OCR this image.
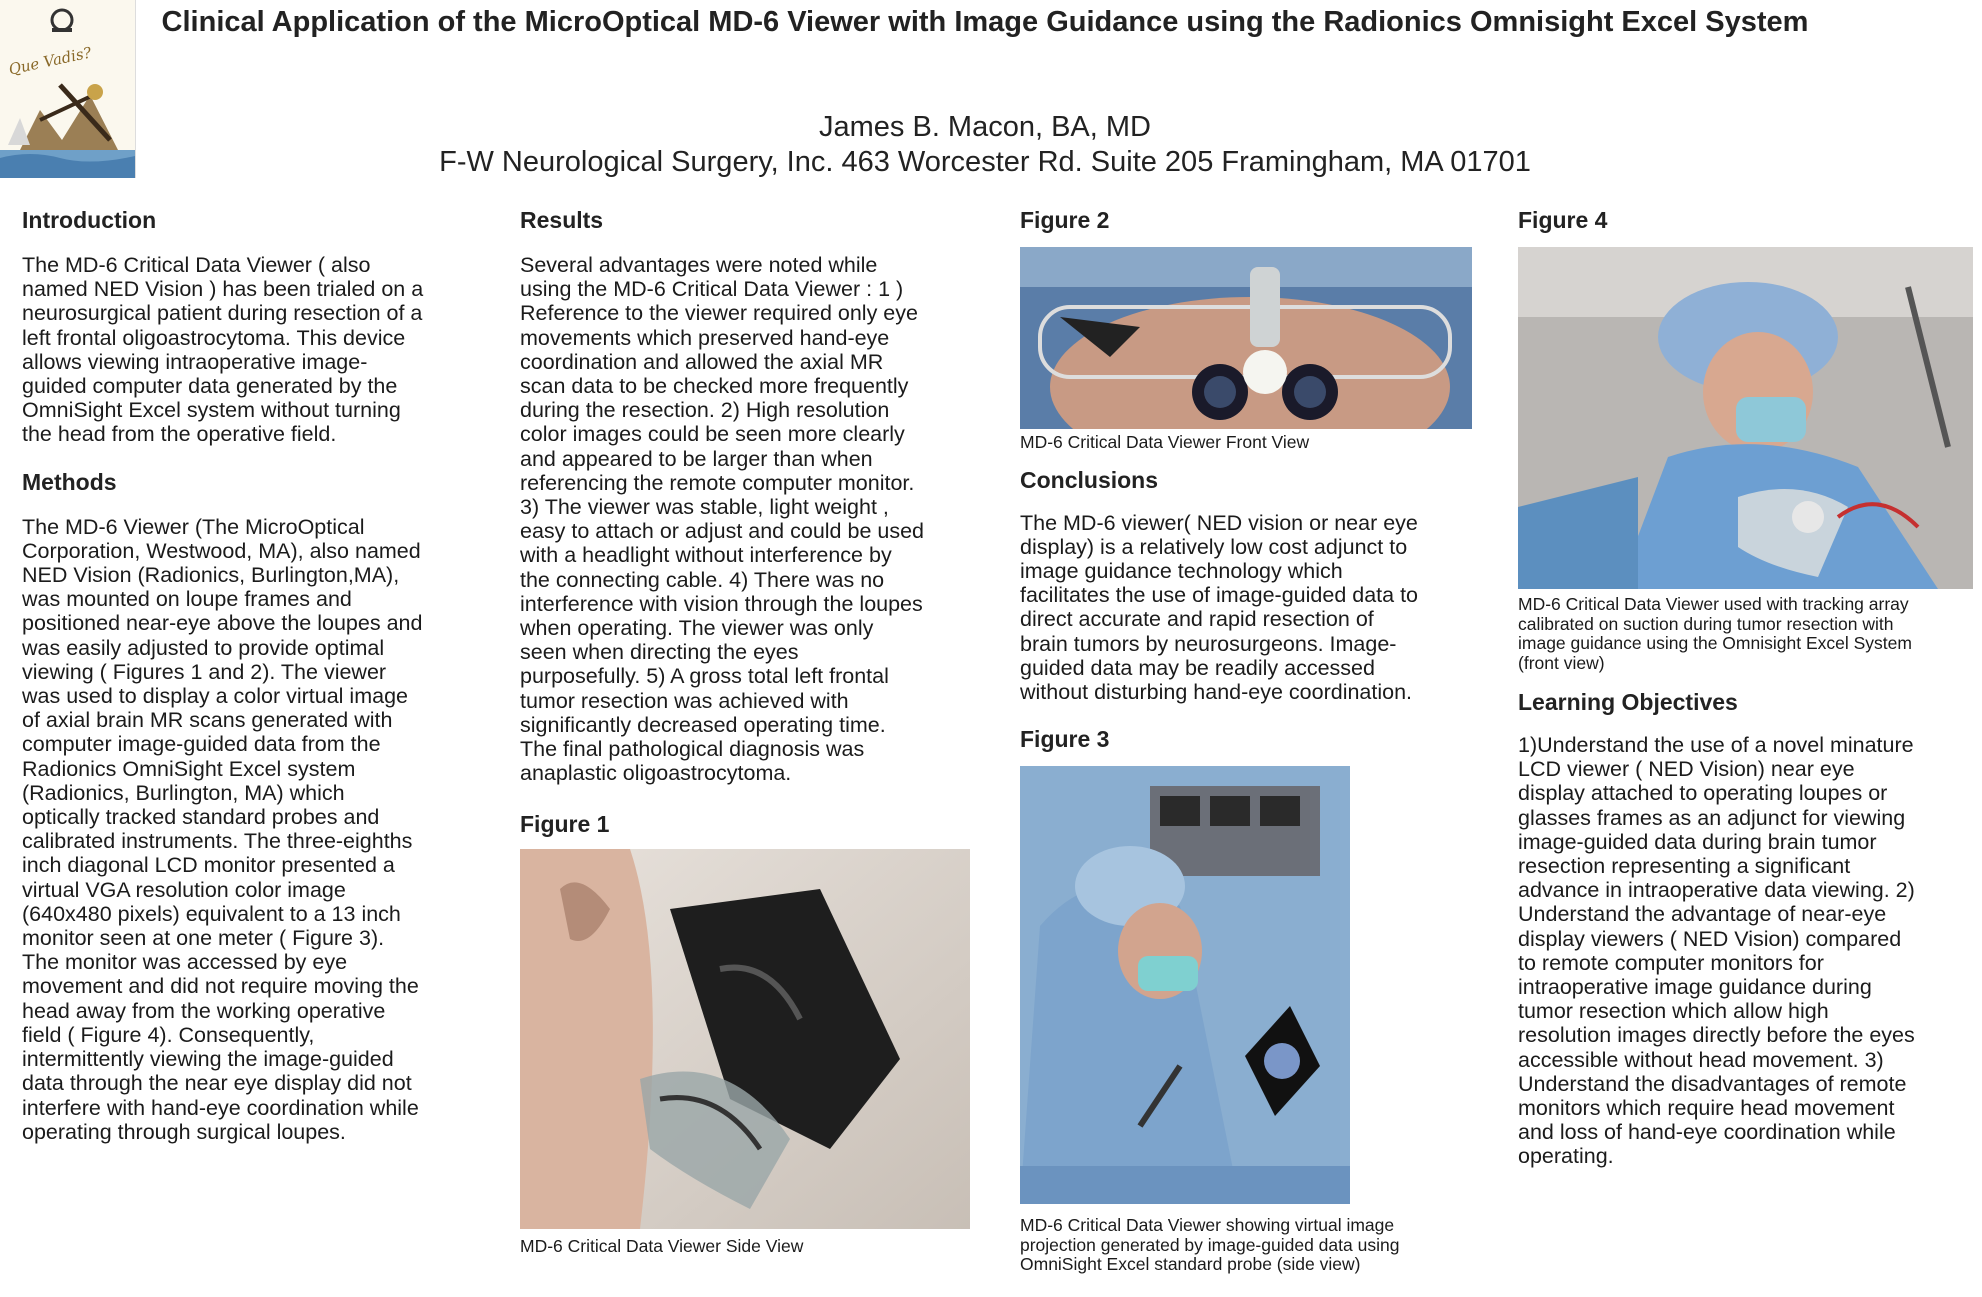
Que Vadis?
Clinical Application of the MicroOptical MD-6 Viewer with Image Guidance using the Radionics Omnisight Excel System
James B. Macon, BA, MD
F-W Neurological Surgery, Inc. 463 Worcester Rd. Suite 205 Framingham, MA 01701
Introduction

The MD-6 Critical Data Viewer ( also
named NED Vision ) has been trialed on a
neurosurgical patient during resection of a
left frontal oligoastrocytoma. This device
allows viewing intraoperative image-
guided computer data generated by the
OmniSight Excel system without turning
the head from the operative field.

Methods

The MD-6 Viewer (The MicroOptical
Corporation, Westwood, MA), also named
NED Vision (Radionics, Burlington,MA),
was mounted on loupe frames and
positioned near-eye above the loupes and
was easily adjusted to provide optimal
viewing ( Figures 1 and 2). The viewer
was used to display a color virtual image
of axial brain MR scans generated with
computer image-guided data from the
Radionics OmniSight Excel system
(Radionics, Burlington, MA) which
optically tracked standard probes and
calibrated instruments. The three-eighths
inch diagonal LCD monitor presented a
virtual VGA resolution color image
(640x480 pixels) equivalent to a 13 inch
monitor seen at one meter ( Figure 3).
The monitor was accessed by eye
movement and did not require moving the
head away from the working operative
field ( Figure 4). Consequently,
intermittently viewing the image-guided
data through the near eye display did not
interfere with hand-eye coordination while
operating through surgical loupes.

Results

Several advantages were noted while
using the MD-6 Critical Data Viewer : 1 )
Reference to the viewer required only eye
movements which preserved hand-eye
coordination and allowed the axial MR
scan data to be checked more frequently
during the resection. 2) High resolution
color images could be seen more clearly
and appeared to be larger than when
referencing the remote computer monitor.
3) The viewer was stable, light weight ,
easy to attach or adjust and could be used
with a headlight without interference by
the connecting cable. 4) There was no
interference with vision through the loupes
when operating. The viewer was only
seen when directing the eyes
purposefully. 5) A gross total left frontal
tumor resection was achieved with
significantly decreased operating time.
The final pathological diagnosis was
anaplastic oligoastrocytoma.

Figure 1

MD-6 Critical Data Viewer Side View

Figure 2

MD-6 Critical Data Viewer Front View

Conclusions

The MD-6 viewer( NED vision or near eye
display) is a relatively low cost adjunct to
image guidance technology which
facilitates the use of image-guided data to
direct accurate and rapid resection of
brain tumors by neurosurgeons. Image-
guided data may be readily accessed
without disturbing hand-eye coordination.

Figure 3

MD-6 Critical Data Viewer showing virtual image
projection generated by image-guided data using
OmniSight Excel standard probe (side view)

Figure 4

MD-6 Critical Data Viewer used with tracking array
calibrated on suction during tumor resection with
image guidance using the Omnisight Excel System
(front view)

Learning Objectives

1)Understand the use of a novel minature
LCD viewer ( NED Vision) near eye
display attached to operating loupes or
glasses frames as an adjunct for viewing
image-guided data during brain tumor
resection representing a significant
advance in intraoperative data viewing. 2)
Understand the advantage of near-eye
display viewers ( NED Vision) compared
to remote computer monitors for
intraoperative image guidance during
tumor resection which allow high
resolution images directly before the eyes
accessible without head movement. 3)
Understand the disadvantages of remote
monitors which require head movement
and loss of hand-eye coordination while
operating.
